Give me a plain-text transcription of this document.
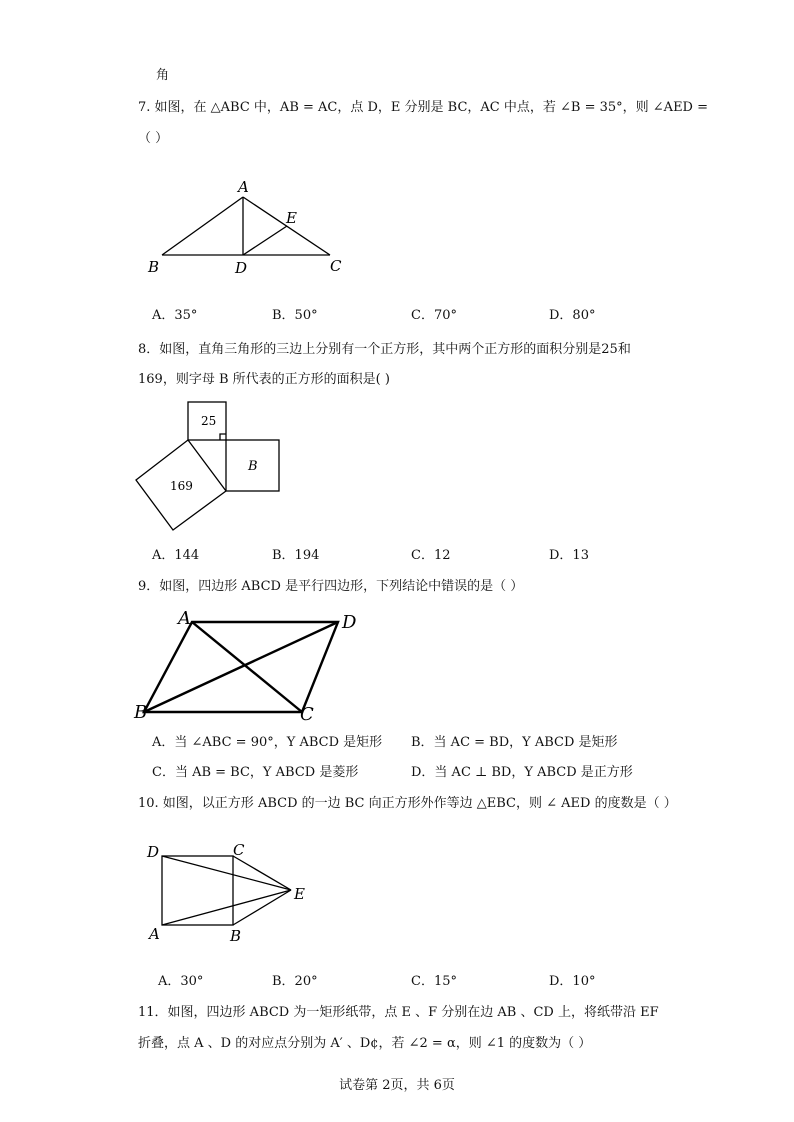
角
7. 如图，在 △ABC 中，AB = AC，点 D，E 分别是 BC，AC 中点，若 ∠B = 35°，则 ∠AED =
（ ）
A
B	C
D
E
A．35°	B．50°	C．70°	D．80°
8．如图，直角三角形的三边上分别有一个正方形，其中两个正方形的面积分别是25和
169，则字母 B 所代表的正方形的面积是( )
25
B
169
A．144	B．194	C．12	D．13
9．如图，四边形 ABCD 是平行四边形，下列结论中错误的是（ ）
A	D
B	C
A．当 ∠ABC = 90°，Y ABCD 是矩形 B．当 AC = BD，Y ABCD 是矩形
C．当 AB = BC，Y ABCD 是菱形	D．当 AC ⊥ BD，Y ABCD 是正方形
10. 如图，以正方形 ABCD 的一边 BC 向正方形外作等边 △EBC，则 ∠ AED 的度数是（ ）
D	C
E
A	B
A．30°	B．20°	C．15°	D．10°
11．如图，四边形 ABCD 为一矩形纸带，点 E 、F 分别在边 AB 、CD 上，将纸带沿 EF
折叠，点 A 、D 的对应点分别为 A′ 、D¢，若 ∠2 = α，则 ∠1 的度数为（ ）
试卷第 2页，共 6页
